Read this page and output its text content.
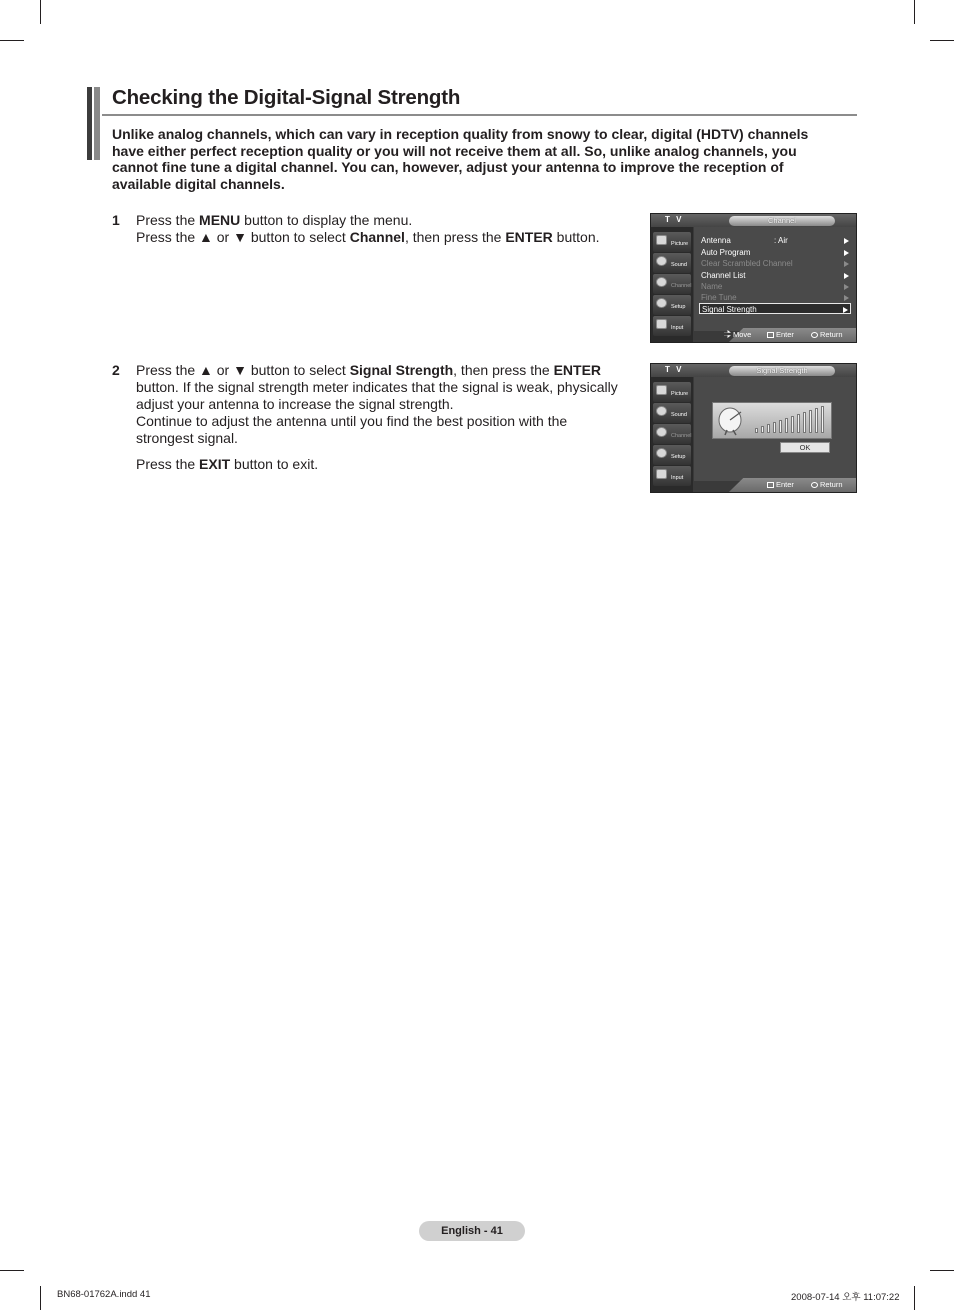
Checking the Digital-Signal Strength

Unlike analog channels, which can vary in reception quality from snowy to clear, digital (HDTV) channels have either perfect reception quality or you will not receive them at all. So, unlike analog channels, you cannot fine tune a digital channel. You can, however, adjust your antenna to improve the reception of available digital channels.

1 Press the MENU button to display the menu.

Press the ▲ or ▼ button to select Channel, then press the ENTER button.

2 Press the ▲ or ▼ button to select Signal Strength, then press the ENTER

button. If the signal strength meter indicates that the signal is weak, physically adjust your antenna to increase the signal strength.

Continue to adjust the antenna until you find the best position with the strongest signal.

Press the EXIT button to exit.

T V	Channel
Picture
Sound
Channel
Setup
Input
Antenna	: Air
Auto Program
Clear Scrambled Channel
Channel List
Name
Fine Tune
Signal Strength
Move	Enter	Return
T V	Signal Strength
Picture
Sound
Channel
Setup
Input
OK
Enter	Return
English - 41
BN68-01762A.indd 41	2008-07-14 오후 11:07:22
